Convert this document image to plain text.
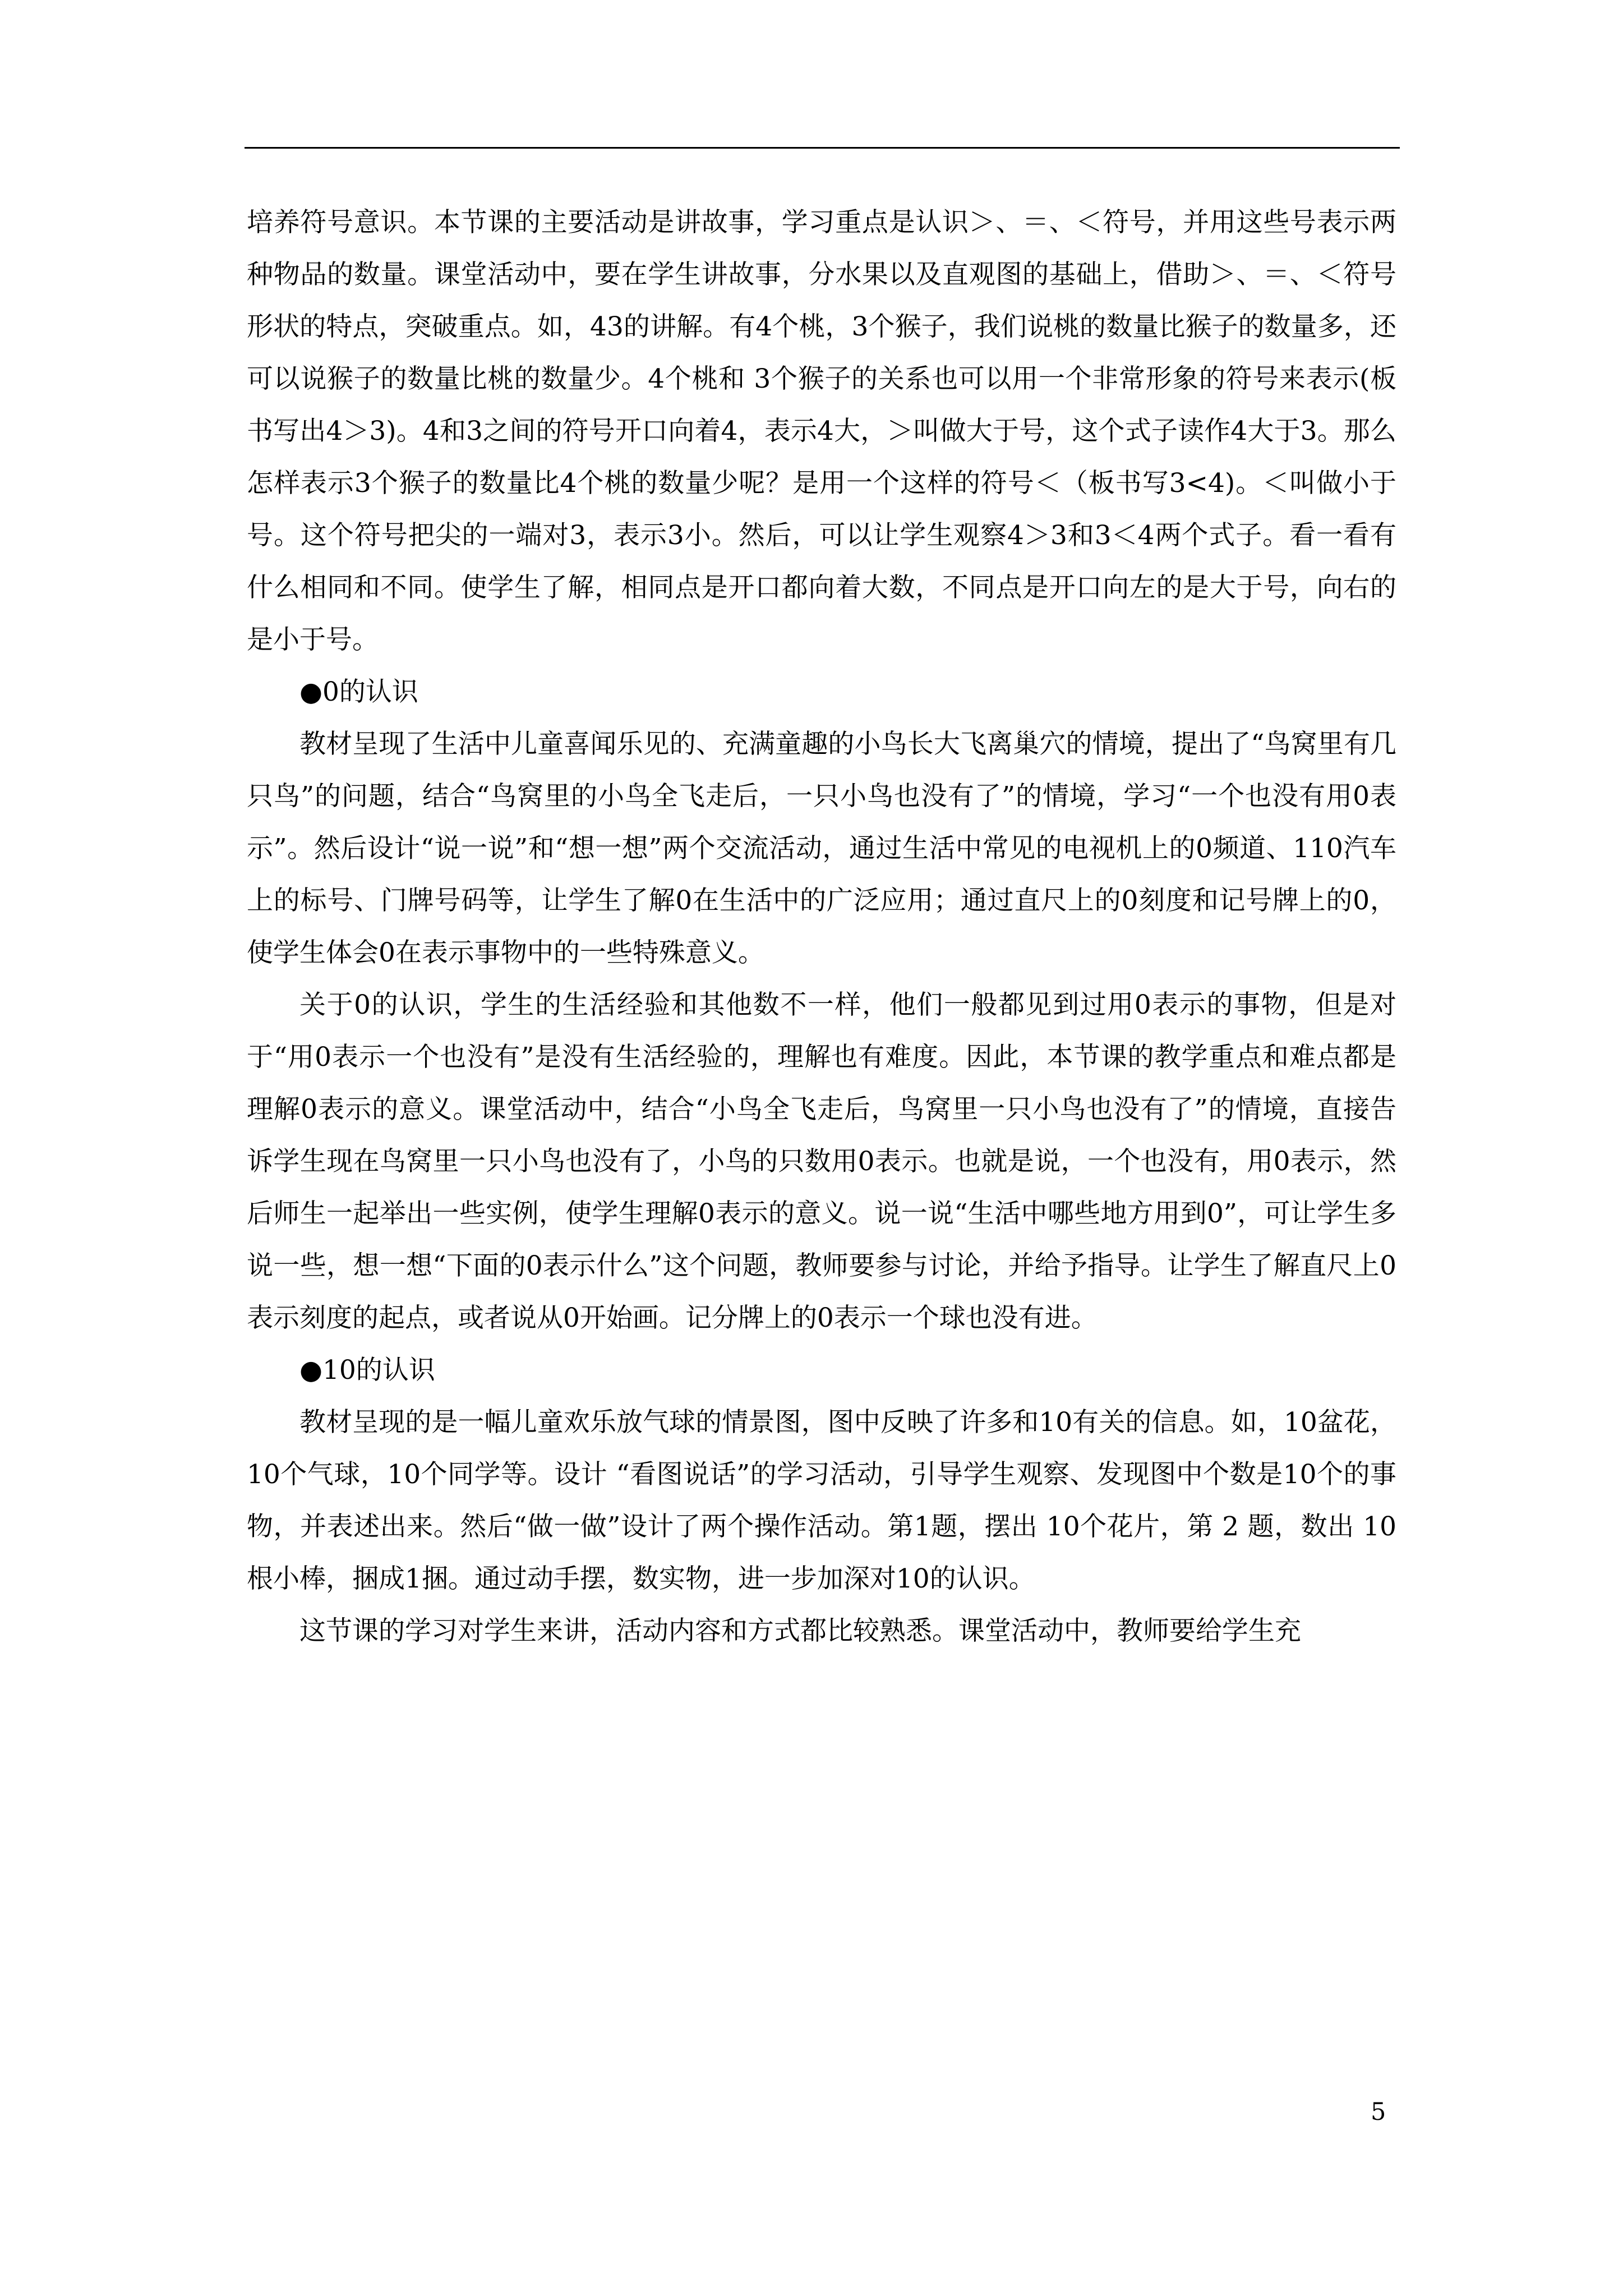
培养符号意识。本节课的主要活动是讲故事，学习重点是认识＞、＝、＜符号，并用这些号表示两种物品的数量。课堂活动中，要在学生讲故事，分水果以及直观图的基础上，借助＞、＝、＜符号形状的特点，突破重点。如，43的讲解。有4个桃，3个猴子，我们说桃的数量比猴子的数量多，还可以说猴子的数量比桃的数量少。4个桃和 3个猴子的关系也可以用一个非常形象的符号来表示(板书写出4＞3)。4和3之间的符号开口向着4，表示4大，＞叫做大于号，这个式子读作4大于3。那么怎样表示3个猴子的数量比4个桃的数量少呢？是用一个这样的符号＜（板书写3<4)。＜叫做小于号。这个符号把尖的一端对3，表示3小。然后，可以让学生观察4＞3和3＜4两个式子。看一看有什么相同和不同。使学生了解，相同点是开口都向着大数，不同点是开口向左的是大于号，向右的是小于号。

●0的认识

教材呈现了生活中儿童喜闻乐见的、充满童趣的小鸟长大飞离巢穴的情境，提出了“鸟窝里有几只鸟”的问题，结合“鸟窝里的小鸟全飞走后，一只小鸟也没有了”的情境，学习“一个也没有用0表示”。然后设计“说一说”和“想一想”两个交流活动，通过生活中常见的电视机上的0频道、110汽车上的标号、门牌号码等，让学生了解0在生活中的广泛应用；通过直尺上的0刻度和记号牌上的0，使学生体会0在表示事物中的一些特殊意义。

关于0的认识，学生的生活经验和其他数不一样，他们一般都见到过用0表示的事物，但是对于“用0表示一个也没有”是没有生活经验的，理解也有难度。因此，本节课的教学重点和难点都是理解0表示的意义。课堂活动中，结合“小鸟全飞走后，鸟窝里一只小鸟也没有了”的情境，直接告诉学生现在鸟窝里一只小鸟也没有了，小鸟的只数用0表示。也就是说，一个也没有，用0表示，然后师生一起举出一些实例，使学生理解0表示的意义。说一说“生活中哪些地方用到0”，可让学生多说一些，想一想“下面的0表示什么”这个问题，教师要参与讨论，并给予指导。让学生了解直尺上0表示刻度的起点，或者说从0开始画。记分牌上的0表示一个球也没有进。

●10的认识

教材呈现的是一幅儿童欢乐放气球的情景图，图中反映了许多和10有关的信息。如，10盆花，10个气球，10个同学等。设计 “看图说话”的学习活动，引导学生观察、发现图中个数是10个的事物，并表述出来。然后“做一做”设计了两个操作活动。第1题，摆出 10个花片，第 2 题，数出 10根小棒，捆成1捆。通过动手摆，数实物，进一步加深对10的认识。

这节课的学习对学生来讲，活动内容和方式都比较熟悉。课堂活动中，教师要给学生充

5
